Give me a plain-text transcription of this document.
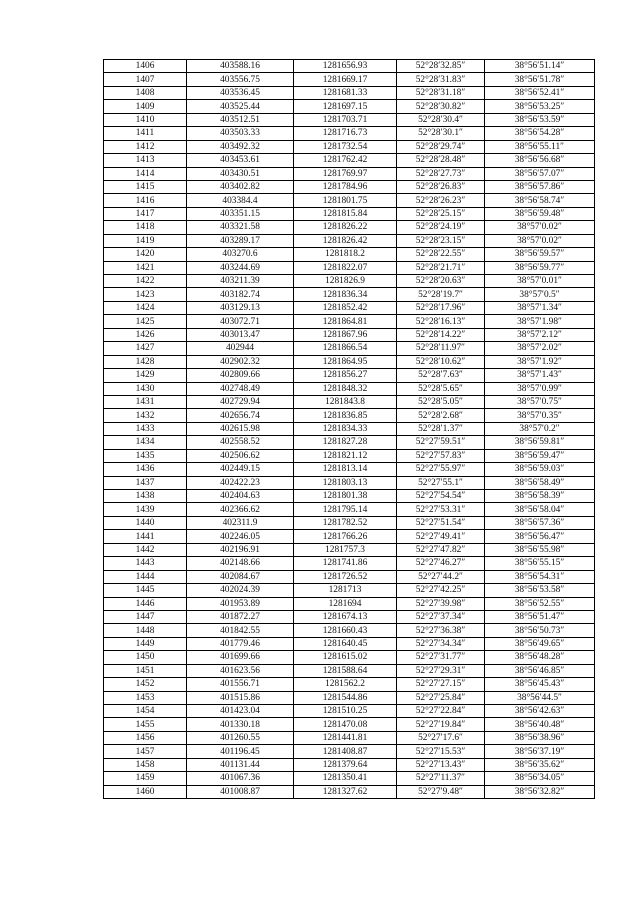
1406	403588.16	1281656.93	52°28′32.85″	38°56′51.14″
1407	403556.75	1281669.17	52°28′31.83″	38°56′51.78″
1408	403536.45	1281681.33	52°28′31.18″	38°56′52.41″
1409	403525.44	1281697.15	52°28′30.82″	38°56′53.25″
1410	403512.51	1281703.71	52°28′30.4″	38°56′53.59″
1411	403503.33	1281716.73	52°28′30.1″	38°56′54.28″
1412	403492.32	1281732.54	52°28′29.74″	38°56′55.11″
1413	403453.61	1281762.42	52°28′28.48″	38°56′56.68″
1414	403430.51	1281769.97	52°28′27.73″	38°56′57.07″
1415	403402.82	1281784.96	52°28′26.83″	38°56′57.86″
1416	403384.4	1281801.75	52°28′26.23″	38°56′58.74″
1417	403351.15	1281815.84	52°28′25.15″	38°56′59.48″
1418	403321.58	1281826.22	52°28′24.19″	38°57′0.02″
1419	403289.17	1281826.42	52°28′23.15″	38°57′0.02″
1420	403270.6	1281818.2	52°28′22.55″	38°56′59.57″
1421	403244.69	1281822.07	52°28′21.71″	38°56′59.77″
1422	403211.39	1281826.9	52°28′20.63″	38°57′0.01″
1423	403182.74	1281836.34	52°28′19.7″	38°57′0.5″
1424	403129.13	1281852.42	52°28′17.96″	38°57′1.34″
1425	403072.71	1281864.81	52°28′16.13″	38°57′1.98″
1426	403013.47	1281867.96	52°28′14.22″	38°57′2.12″
1427	402944	1281866.54	52°28′11.97″	38°57′2.02″
1428	402902.32	1281864.95	52°28′10.62″	38°57′1.92″
1429	402809.66	1281856.27	52°28′7.63″	38°57′1.43″
1430	402748.49	1281848.32	52°28′5.65″	38°57′0.99″
1431	402729.94	1281843.8	52°28′5.05″	38°57′0.75″
1432	402656.74	1281836.85	52°28′2.68″	38°57′0.35″
1433	402615.98	1281834.33	52°28′1.37″	38°57′0.2″
1434	402558.52	1281827.28	52°27′59.51″	38°56′59.81″
1435	402506.62	1281821.12	52°27′57.83″	38°56′59.47″
1436	402449.15	1281813.14	52°27′55.97″	38°56′59.03″
1437	402422.23	1281803.13	52°27′55.1″	38°56′58.49″
1438	402404.63	1281801.38	52°27′54.54″	38°56′58.39″
1439	402366.62	1281795.14	52°27′53.31″	38°56′58.04″
1440	402311.9	1281782.52	52°27′51.54″	38°56′57.36″
1441	402246.05	1281766.26	52°27′49.41″	38°56′56.47″
1442	402196.91	1281757.3	52°27′47.82″	38°56′55.98″
1443	402148.66	1281741.86	52°27′46.27″	38°56′55.15″
1444	402084.67	1281726.52	52°27′44.2″	38°56′54.31″
1445	402024.39	1281713	52°27′42.25″	38°56′53.58″
1446	401953.89	1281694	52°27′39.98″	38°56′52.55″
1447	401872.27	1281674.13	52°27′37.34″	38°56′51.47″
1448	401842.55	1281660.43	52°27′36.38″	38°56′50.73″
1449	401779.46	1281640.45	52°27′34.34″	38°56′49.65″
1450	401699.66	1281615.02	52°27′31.77″	38°56′48.28″
1451	401623.56	1281588.64	52°27′29.31″	38°56′46.85″
1452	401556.71	1281562.2	52°27′27.15″	38°56′45.43″
1453	401515.86	1281544.86	52°27′25.84″	38°56′44.5″
1454	401423.04	1281510.25	52°27′22.84″	38°56′42.63″
1455	401330.18	1281470.08	52°27′19.84″	38°56′40.48″
1456	401260.55	1281441.81	52°27′17.6″	38°56′38.96″
1457	401196.45	1281408.87	52°27′15.53″	38°56′37.19″
1458	401131.44	1281379.64	52°27′13.43″	38°56′35.62″
1459	401067.36	1281350.41	52°27′11.37″	38°56′34.05″
1460	401008.87	1281327.62	52°27′9.48″	38°56′32.82″
